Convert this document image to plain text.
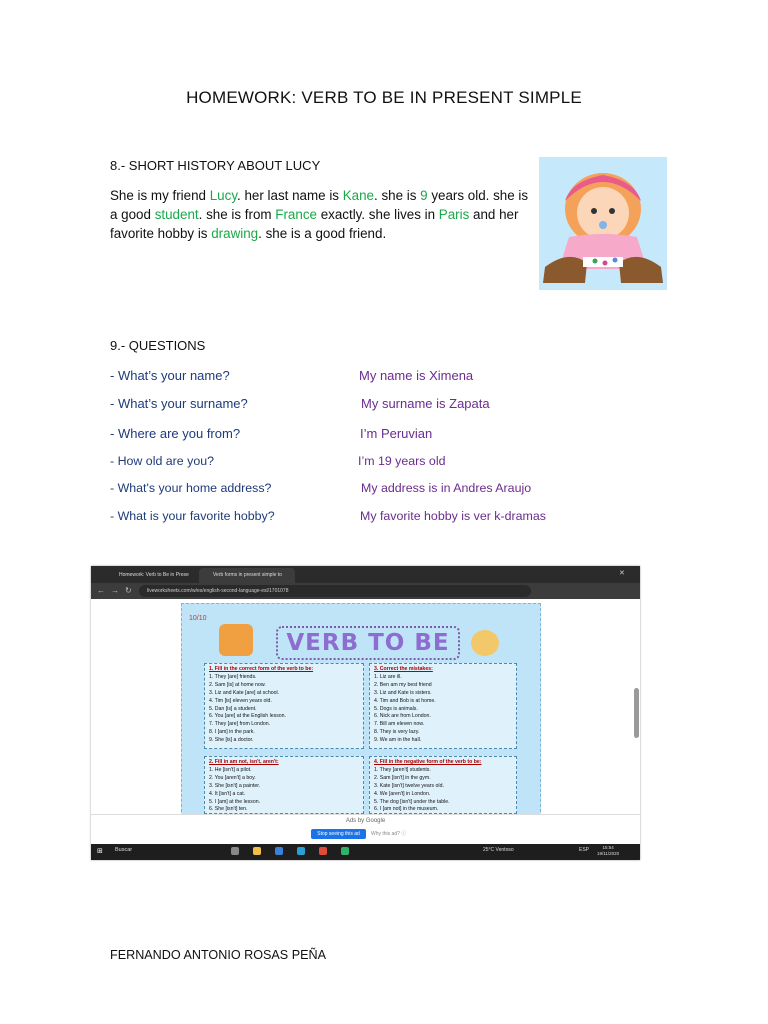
HOMEWORK: VERB TO BE IN PRESENT SIMPLE
8.- SHORT HISTORY ABOUT LUCY
She is my friend Lucy. her last name is Kane. she is 9 years old. she is a good student. she is from France exactly. she lives in Paris and her favorite hobby is drawing. she is a good friend.
9.- QUESTIONS
- What’s your name?	My name is Ximena
- What’s your surname?	My surname is Zapata
- Where are you from?	I’m Peruvian
- How old are you?	I’m 19 years old
- What's your home address?	My address is in Andres Araujo
- What is your favorite hobby?	My favorite hobby is ver k-dramas
Homework: Verb to Be in Prese	Verb forms in present simple to	✕
← → ↻	liveworksheets.com/w/es/english-second-language-esl/1701078
10/10
VERB TO BE
1. Fill in the correct form of the verb to be:
1. They [are] friends.
2. Sam [is] at home now.
3. Liz and Kate [are] at school.
4. Tim [is] eleven years old.
5. Dan [is] a student.
6. You [are] at the English lesson.
7. They [are] from London.
8. I [am] in the park.
9. She [is] a doctor.
3. Correct the mistakes:
1. Liz are ill.
2. Ben am my best friend
3. Liz and Kate is sisters.
4. Tim and Bob is at home.
5. Dogs is animals.
6. Nick are from London.
7. Bill am eleven now.
8. They is very lazy.
9. We am in the hall.
2. Fill in am not, isn't, aren't:
1. He [isn't] a pilot.
2. You [aren't] a boy.
3. She [isn't] a painter.
4. It [isn't] a cat.
5. I [am] at the lesson.
6. She [isn't] ten.
4. Fill in the negative form of the verb to be:
1. They [aren't] students.
2. Sam [isn't] in the gym.
3. Kate [isn't] twelve years old.
4. We [aren't] in London.
5. The dog [isn't] under the table.
6. I [am not] in the museum.
Ads by Google
Stop seeing this ad	Why this ad? ⓘ
⊞ Buscar	25°C Ventoso	ESP	15:54
19/11/2020
FERNANDO ANTONIO ROSAS PEÑA
